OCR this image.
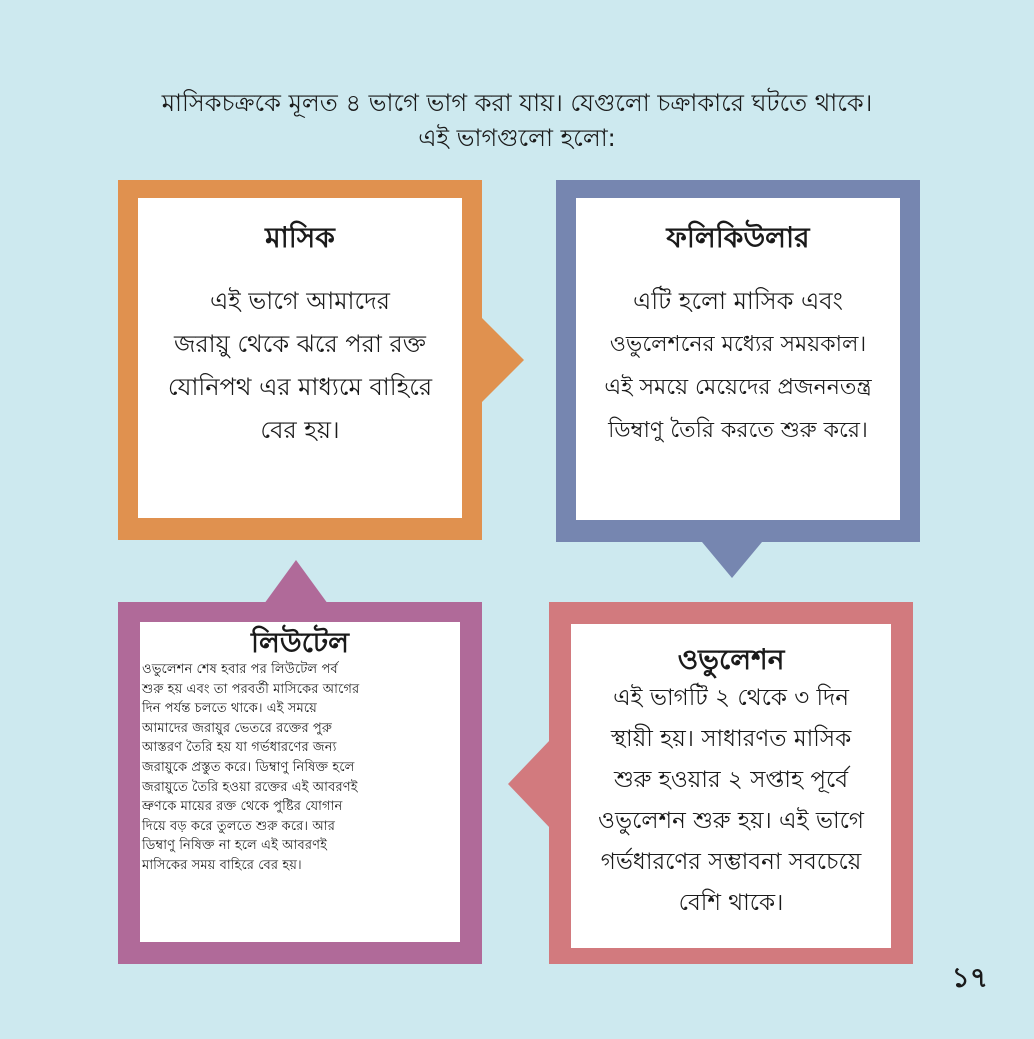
মাসিকচক্রকে মূলত ৪ ভাগে ভাগ করা যায়। যেগুলো চক্রাকারে ঘটতে থাকে।
এই ভাগগুলো হলো:
মাসিক
এই ভাগে আমাদের
জরায়ু থেকে ঝরে পরা রক্ত
যোনিপথ এর মাধ্যমে বাহিরে
বের হয়।
ফলিকিউলার
এটি হলো মাসিক এবং
ওভুলেশনের মধ্যের সময়কাল।
এই সময়ে মেয়েদের প্রজননতন্ত্র
ডিম্বাণু তৈরি করতে শুরু করে।
লিউটেল
ওভুলেশন শেষ হবার পর লিউটেল পর্ব
শুরু হয় এবং তা পরবর্তী মাসিকের আগের
দিন পর্যন্ত চলতে থাকে। এই সময়ে
আমাদের জরায়ুর ভেতরে রক্তের পুরু
আস্তরণ তৈরি হয় যা গর্ভধারণের জন্য
জরায়ুকে প্রস্তুত করে। ডিম্বাণু নিষিক্ত হলে
জরায়ুতে তৈরি হওয়া রক্তের এই আবরণই
ভ্রুণকে মায়ের রক্ত থেকে পুষ্টির যোগান
দিয়ে বড় করে তুলতে শুরু করে। আর
ডিম্বাণু নিষিক্ত না হলে এই আবরণই
মাসিকের সময় বাহিরে বের হয়।
ওভুলেশন
এই ভাগটি ২ থেকে ৩ দিন
স্থায়ী হয়। সাধারণত মাসিক
শুরু হওয়ার ২ সপ্তাহ পূর্বে
ওভুলেশন শুরু হয়। এই ভাগে
গর্ভধারণের সম্ভাবনা সবচেয়ে
বেশি থাকে।
১৭
